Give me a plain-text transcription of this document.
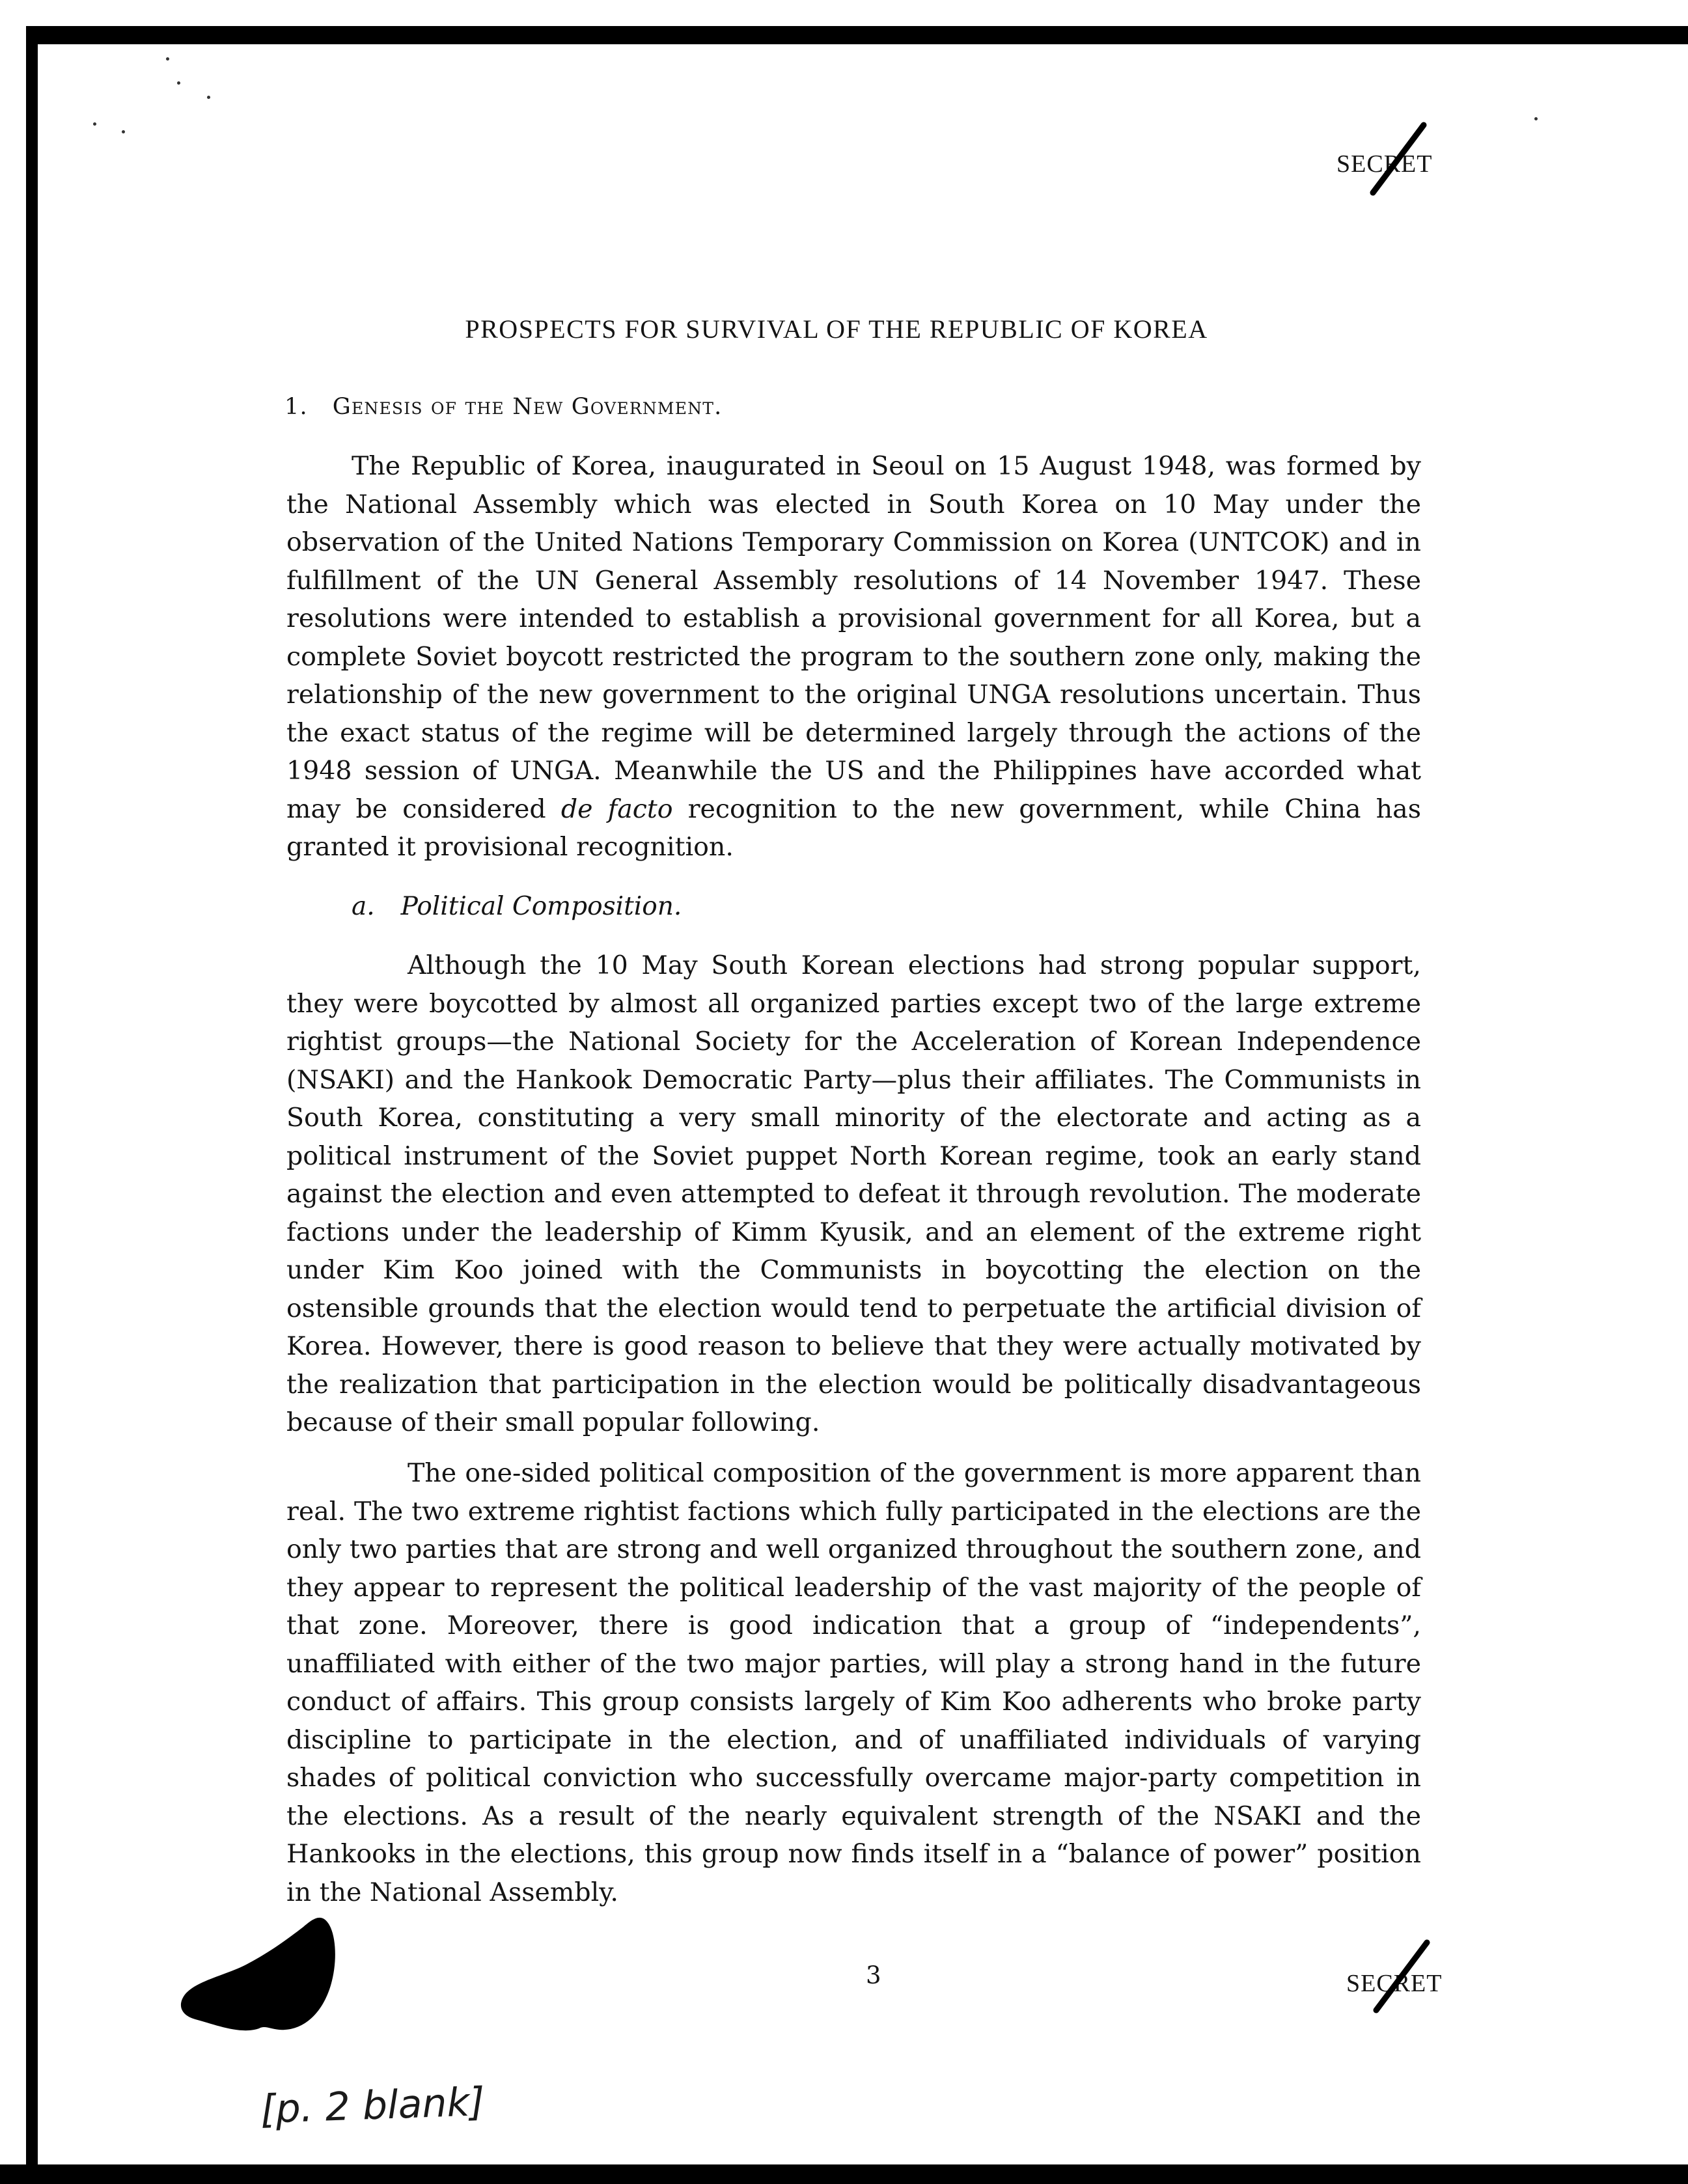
SECRET
PROSPECTS FOR SURVIVAL OF THE REPUBLIC OF KOREA
1. Genesis of the New Government.

The Republic of Korea, inaugurated in Seoul on 15 August 1948, was formed by the National Assembly which was elected in South Korea on 10 May under the observation of the United Nations Temporary Commission on Korea (UNTCOK) and in fulfillment of the UN General Assembly resolutions of 14 November 1947. These resolutions were intended to establish a provisional government for all Korea, but a complete Soviet boycott restricted the program to the southern zone only, making the relationship of the new government to the original UNGA resolutions uncertain. Thus the exact status of the regime will be determined largely through the actions of the 1948 session of UNGA. Meanwhile the US and the Philippines have accorded what may be considered de facto recognition to the new government, while China has granted it provisional recognition.

a. Political Composition.

Although the 10 May South Korean elections had strong popular support, they were boycotted by almost all organized parties except two of the large extreme rightist groups—the National Society for the Acceleration of Korean Independence (NSAKI) and the Hankook Democratic Party—plus their affiliates. The Communists in South Korea, constituting a very small minority of the electorate and acting as a political instrument of the Soviet puppet North Korean regime, took an early stand against the election and even attempted to defeat it through revolution. The moderate factions under the leadership of Kimm Kyusik, and an element of the extreme right under Kim Koo joined with the Communists in boycotting the election on the ostensible grounds that the election would tend to perpetuate the artificial division of Korea. However, there is good reason to believe that they were actually motivated by the realization that participation in the election would be politically disadvantageous because of their small popular following.

The one-sided political composition of the government is more apparent than real. The two extreme rightist factions which fully participated in the elections are the only two parties that are strong and well organized throughout the southern zone, and they appear to represent the political leadership of the vast majority of the people of that zone. Moreover, there is good indication that a group of “independents”, unaffiliated with either of the two major parties, will play a strong hand in the future conduct of affairs. This group consists largely of Kim Koo adherents who broke party discipline to participate in the election, and of unaffiliated individuals of varying shades of political conviction who successfully overcame major-party competition in the elections. As a result of the nearly equivalent strength of the NSAKI and the Hankooks in the elections, this group now finds itself in a “balance of power” position in the National Assembly.

3	SECRET
[p. 2 blank]
